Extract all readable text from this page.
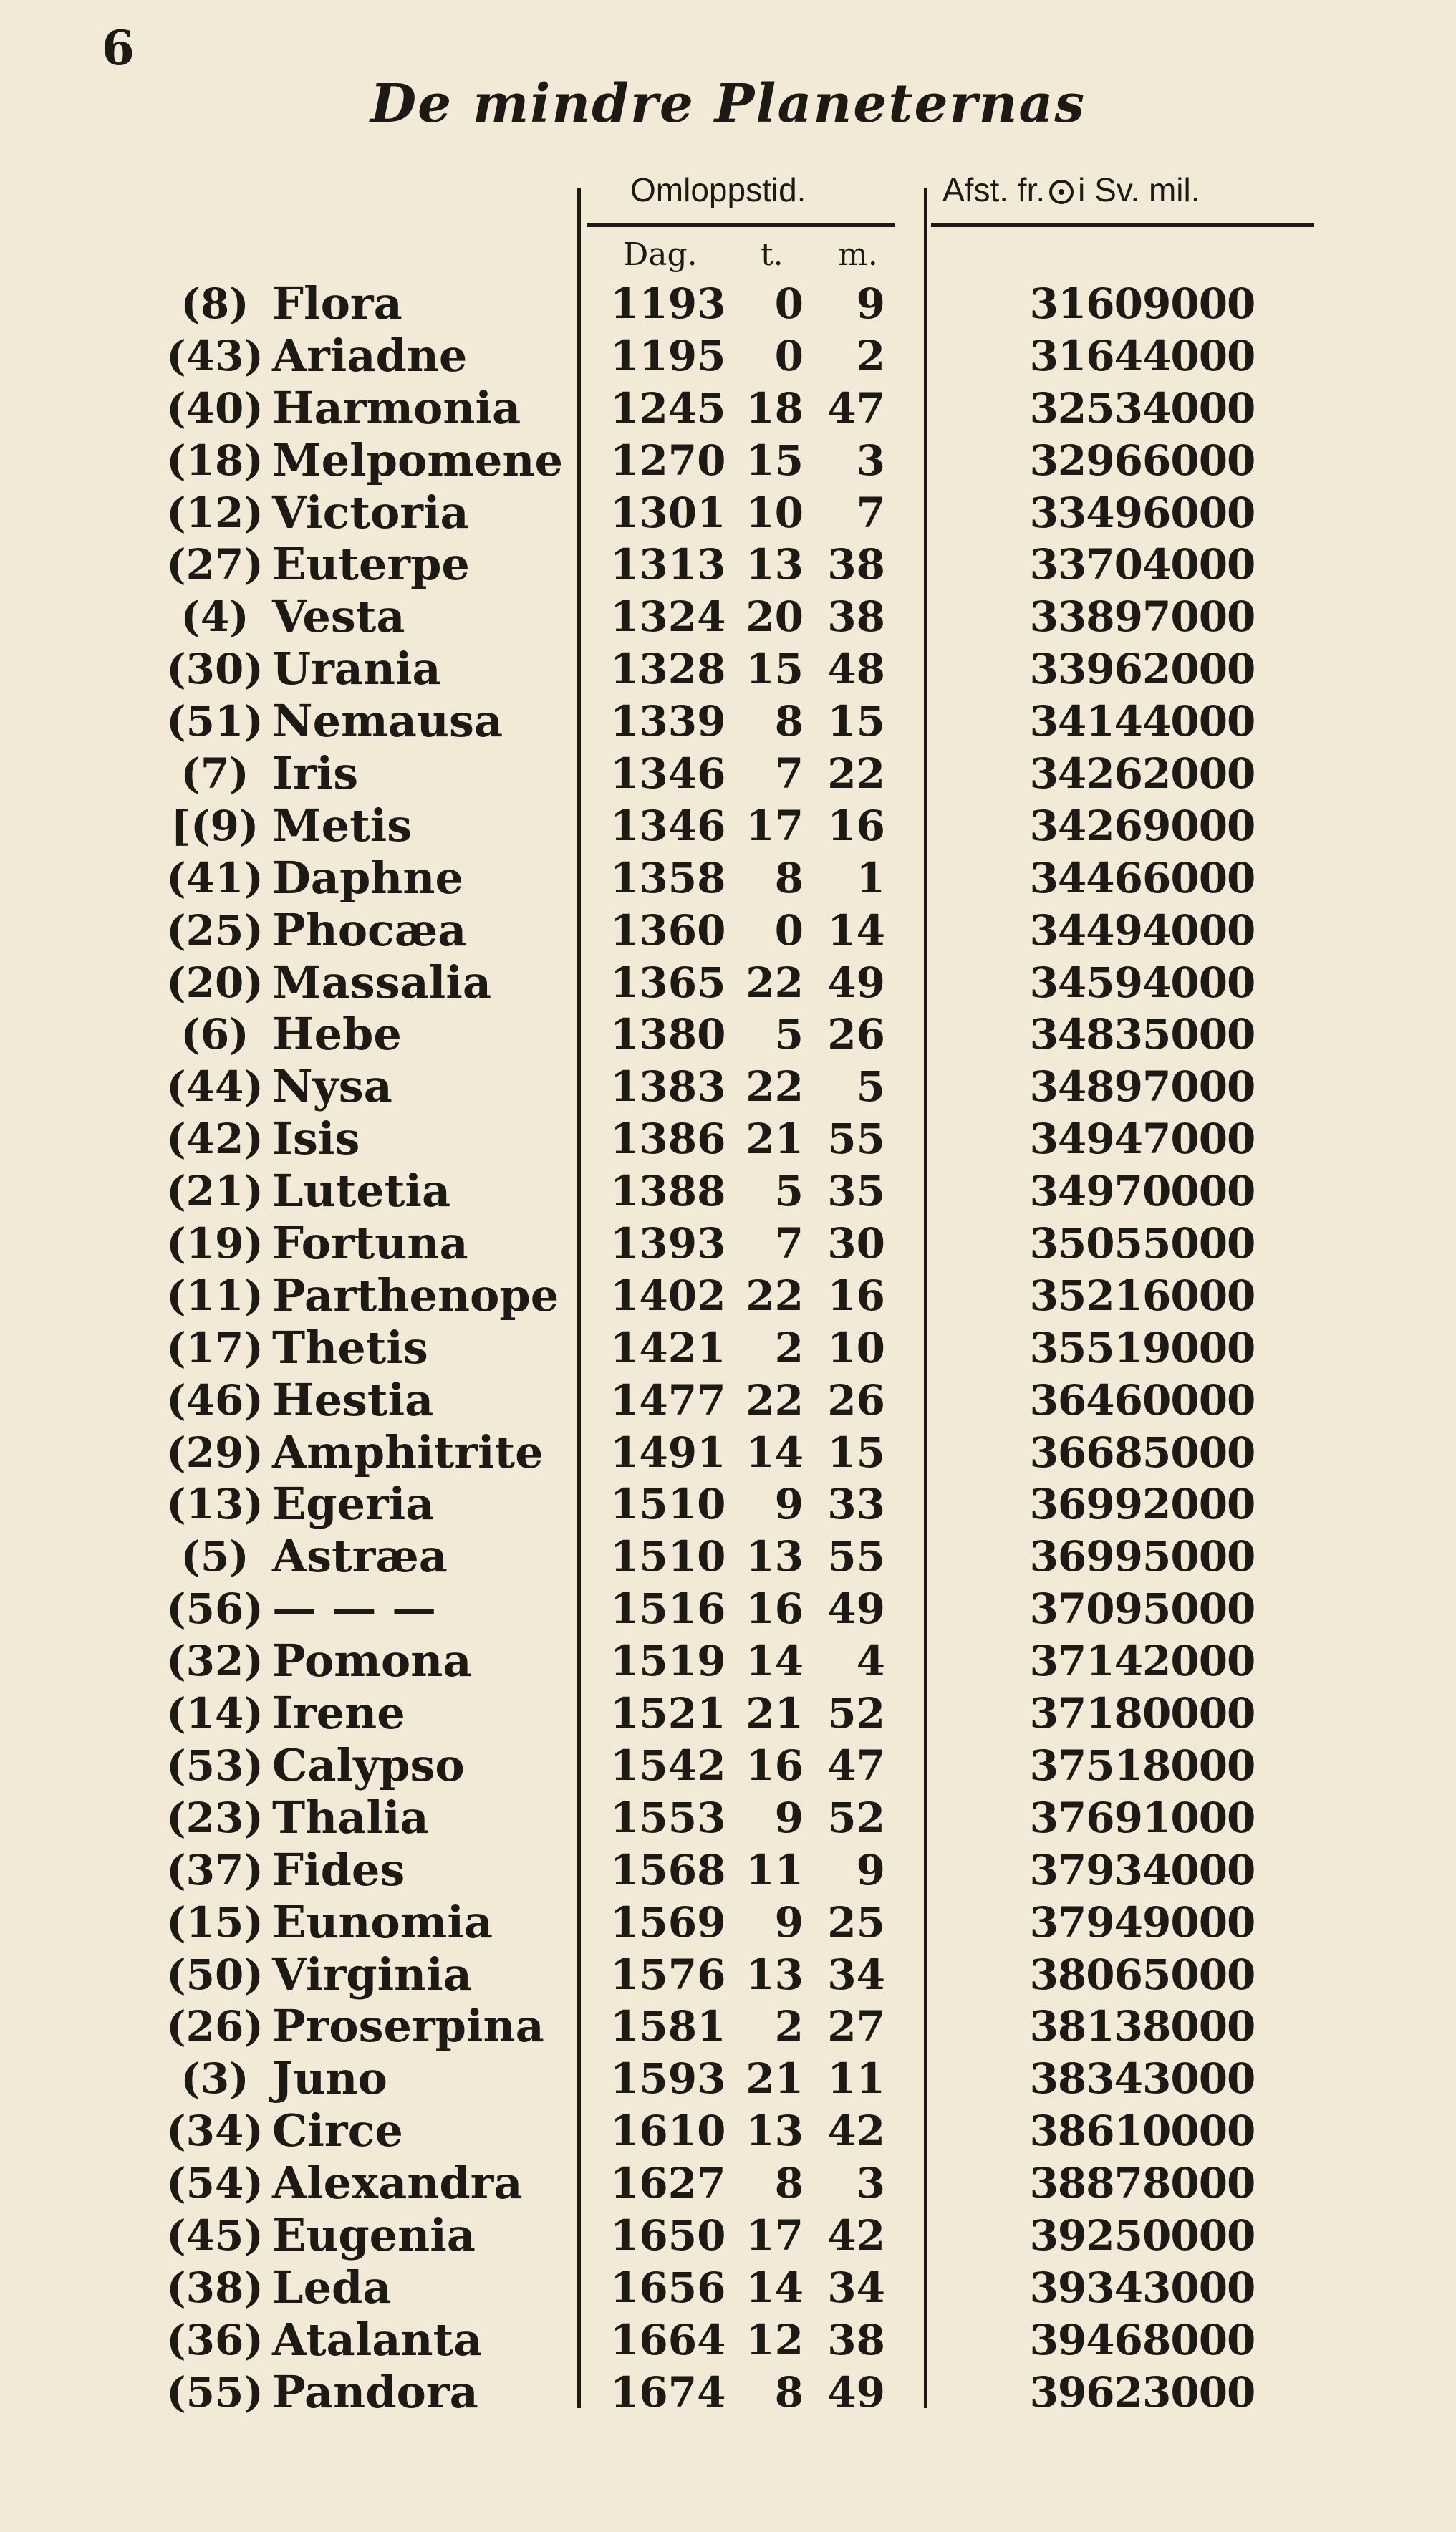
6
De mindre Planeternas
Omloppstid.	Afst. fr. i Sv. mil.
Dag. t. m.
(8) Flora	1193	0	9	31609000
(43) Ariadne	1195	0	2	31644000
(40) Harmonia 1245 18 47	32534000
(18) Melpomene 1270 15	3	32966000
(12) Victoria	1301 10	7	33496000
(27) Euterpe	1313 13 38	33704000
(4) Vesta	1324 20 38	33897000
(30) Urania	1328 15 48	33962000
(51) Nemausa	1339	8 15	34144000
(7) Iris	1346	7 22	34262000
[(9) Metis	1346 17 16	34269000
(41) Daphne	1358	8	1	34466000
(25) Phocæa	1360	0 14	34494000
(20) Massalia	1365 22 49	34594000
(6) Hebe	1380	5 26	34835000
(44) Nysa	1383 22	5	34897000
(42) Isis	1386 21 55	34947000
(21) Lutetia	1388	5 35	34970000
(19) Fortuna	1393	7 30	35055000
(11) Parthenope 1402 22 16	35216000
(17) Thetis	1421	2 10	35519000
(46) Hestia	1477 22 26	36460000
(29) Amphitrite 1491 14 15	36685000
(13) Egeria	1510	9 33	36992000
(5) Astræa	1510 13 55	36995000
(56) — — —	1516 16 49	37095000
(32) Pomona	1519 14	4	37142000
(14) Irene	1521 21 52	37180000
(53) Calypso	1542 16 47	37518000
(23) Thalia	1553	9 52	37691000
(37) Fides	1568 11	9	37934000
(15) Eunomia	1569	9 25	37949000
(50) Virginia	1576 13 34	38065000
(26) Proserpina 1581	2 27	38138000
(3) Juno	1593 21 11	38343000
(34) Circe	1610 13 42	38610000
(54) Alexandra 1627	8	3	38878000
(45) Eugenia	1650 17 42	39250000
(38) Leda	1656 14 34	39343000
(36) Atalanta	1664 12 38	39468000
(55) Pandora	1674	8 49	39623000
